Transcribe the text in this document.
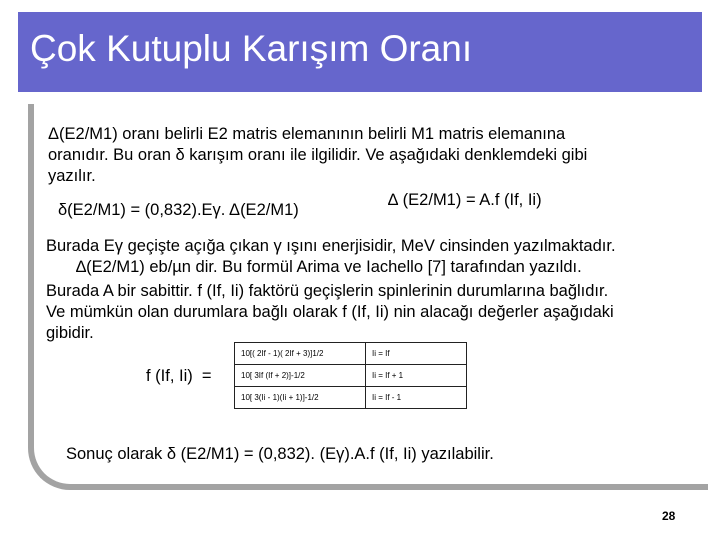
Çok Kutuplu Karışım Oranı
Δ(E2/M1) oranı belirli E2 matris elemanının belirli M1 matris elemanına
oranıdır. Bu oran δ karışım oranı ile ilgilidir. Ve aşağıdaki denklemdeki gibi
yazılır.
∆ (E2/M1) = A.f (If, Ii)
δ(E2/M1) = (0,832).Eγ. Δ(E2/M1)
Burada Eγ geçişte açığa çıkan γ ışını enerjisidir, MeV cinsinden yazılmaktadır.
∆(E2/M1) eb/µn dir. Bu formül Arima ve Iachello [7] tarafından yazıldı.
Burada A bir sabittir. f (If, Ii) faktörü geçişlerin spinlerinin durumlarına bağlıdır.
Ve mümkün olan durumlara bağlı olarak f (If, Ii) nin alacağı değerler aşağıdaki
gibidir.
f (If, Ii)  =
10[( 2If - 1)( 2If + 3)]1/2	Ii = If
10[ 3If (If + 2)]-1/2	Ii = If + 1
10[ 3(Ii - 1)(Ii + 1)]-1/2	Ii = If - 1
Sonuç olarak δ (E2/M1) = (0,832). (Eγ).A.f (If, Ii) yazılabilir.
28
